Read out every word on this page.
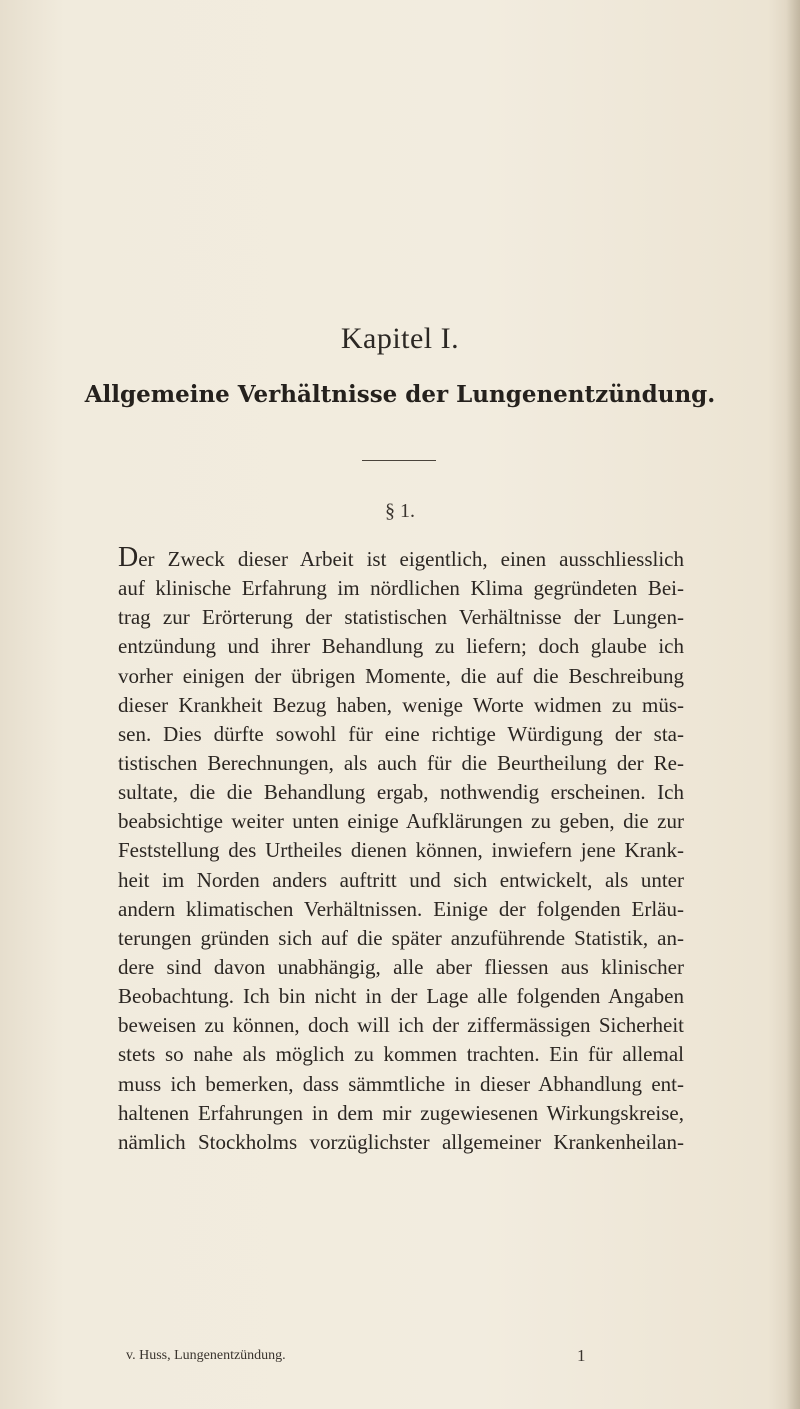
Kapitel I.
Allgemeine Verhältnisse der Lungenentzündung.
§ 1.
Der Zweck dieser Arbeit ist eigentlich, einen ausschliesslich
auf klinische Erfahrung im nördlichen Klima gegründeten Bei-
trag zur Erörterung der statistischen Verhältnisse der Lungen-
entzündung und ihrer Behandlung zu liefern; doch glaube ich
vorher einigen der übrigen Momente, die auf die Beschreibung
dieser Krankheit Bezug haben, wenige Worte widmen zu müs-
sen. Dies dürfte sowohl für eine richtige Würdigung der sta-
tistischen Berechnungen, als auch für die Beurtheilung der Re-
sultate, die die Behandlung ergab, nothwendig erscheinen. Ich
beabsichtige weiter unten einige Aufklärungen zu geben, die zur
Feststellung des Urtheiles dienen können, inwiefern jene Krank-
heit im Norden anders auftritt und sich entwickelt, als unter
andern klimatischen Verhältnissen. Einige der folgenden Erläu-
terungen gründen sich auf die später anzuführende Statistik, an-
dere sind davon unabhängig, alle aber fliessen aus klinischer
Beobachtung. Ich bin nicht in der Lage alle folgenden Angaben
beweisen zu können, doch will ich der ziffermässigen Sicherheit
stets so nahe als möglich zu kommen trachten. Ein für allemal
muss ich bemerken, dass sämmtliche in dieser Abhandlung ent-
haltenen Erfahrungen in dem mir zugewiesenen Wirkungskreise,
nämlich Stockholms vorzüglichster allgemeiner Krankenheilan-
v. Huss, Lungenentzündung.	1
